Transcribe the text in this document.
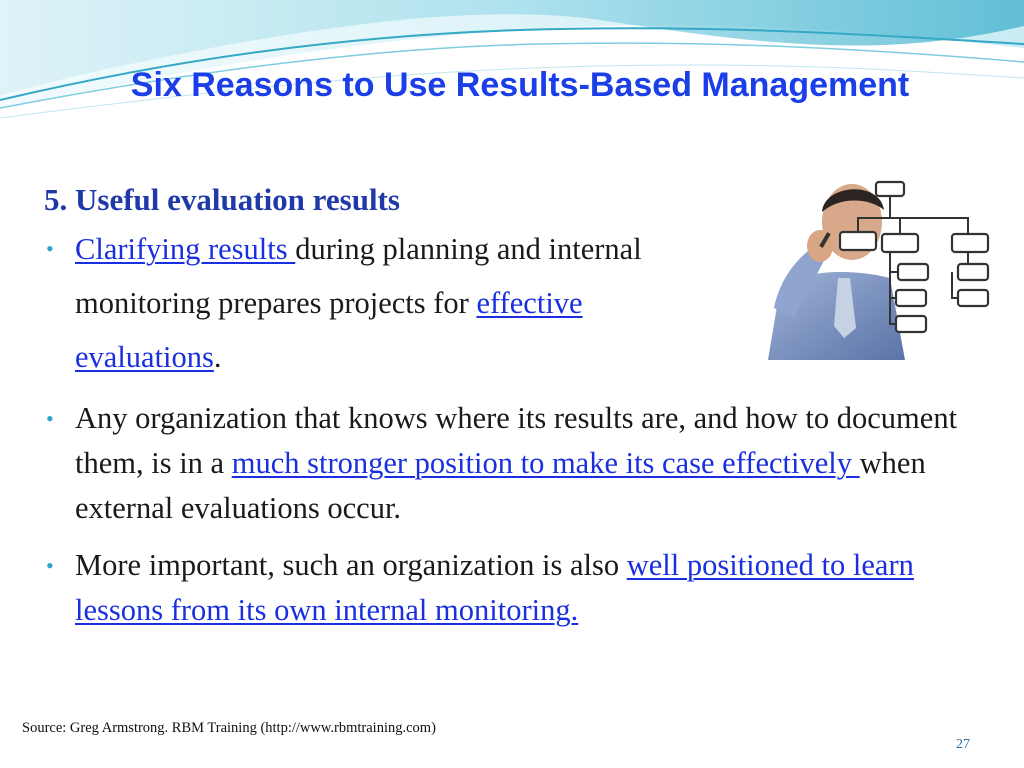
Six Reasons to Use Results-Based Management
5. Useful evaluation results
• Clarifying results during planning and internal monitoring prepares projects for effective evaluations.
• Any organization that knows where its results are, and how to document them, is in a much stronger position to make its case effectively when external evaluations occur.
• More important, such an organization is also well positioned to learn lessons from its own internal monitoring.
Source: Greg Armstrong. RBM Training (http://www.rbmtraining.com)
27
